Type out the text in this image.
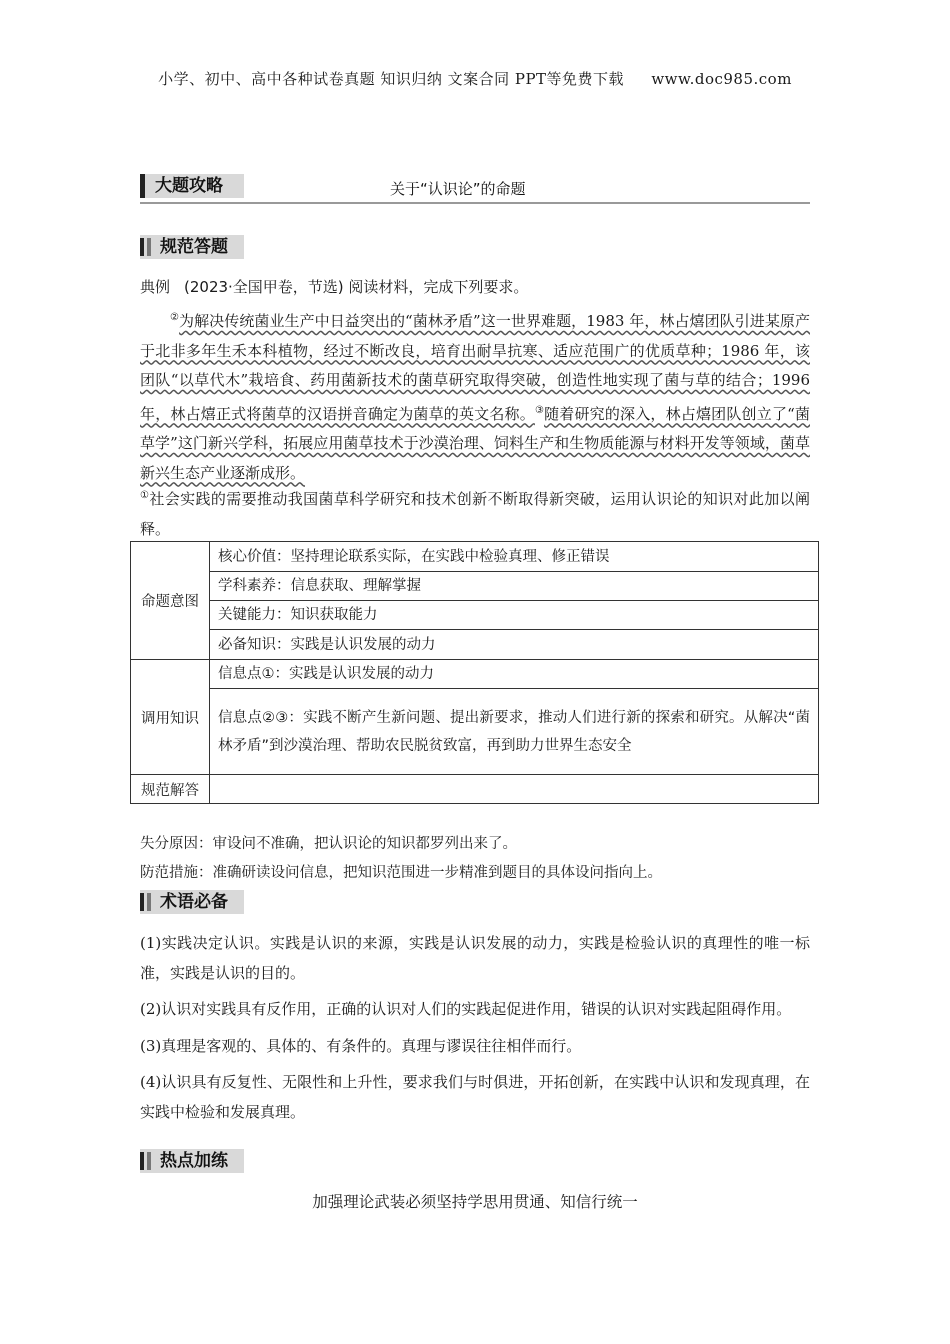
小学、初中、高中各种试卷真题 知识归纳 文案合同 PPT等免费下载 www.doc985.com
大题攻略	关于“认识论”的命题
规范答题
典例 (2023·全国甲卷，节选) 阅读材料，完成下列要求。
②为解决传统菌业生产中日益突出的“菌林矛盾”这一世界难题，1983 年，林占熺团队引进某原产于北非多年生禾本科植物，经过不断改良，培育出耐旱抗寒、适应范围广的优质草种；1986 年，该团队“以草代木”栽培食、药用菌新技术的菌草研究取得突破，创造性地实现了菌与草的结合；1996 年，林占熺正式将菌草的汉语拼音确定为菌草的英文名称。③随着研究的深入，林占熺团队创立了“菌草学”这门新兴学科，拓展应用菌草技术于沙漠治理、饲料生产和生物质能源与材料开发等领域，菌草新兴生态产业逐渐成形。
①社会实践的需要推动我国菌草科学研究和技术创新不断取得新突破，运用认识论的知识对此加以阐释。
命题意图	核心价值：坚持理论联系实际，在实践中检验真理、修正错误
	学科素养：信息获取、理解掌握
	关键能力：知识获取能力
	必备知识：实践是认识发展的动力
调用知识	信息点①：实践是认识发展的动力
	信息点②③：实践不断产生新问题、提出新要求，推动人们进行新的探索和研究。从解决“菌林矛盾”到沙漠治理、帮助农民脱贫致富，再到助力世界生态安全
规范解答	
失分原因：审设问不准确，把认识论的知识都罗列出来了。
防范措施：准确研读设问信息，把知识范围进一步精准到题目的具体设问指向上。
术语必备

(1)实践决定认识。实践是认识的来源，实践是认识发展的动力，实践是检验认识的真理性的唯一标准，实践是认识的目的。

(2)认识对实践具有反作用，正确的认识对人们的实践起促进作用，错误的认识对实践起阻碍作用。

(3)真理是客观的、具体的、有条件的。真理与谬误往往相伴而行。

(4)认识具有反复性、无限性和上升性，要求我们与时俱进，开拓创新，在实践中认识和发现真理，在实践中检验和发展真理。

热点加练
加强理论武装必须坚持学思用贯通、知信行统一
